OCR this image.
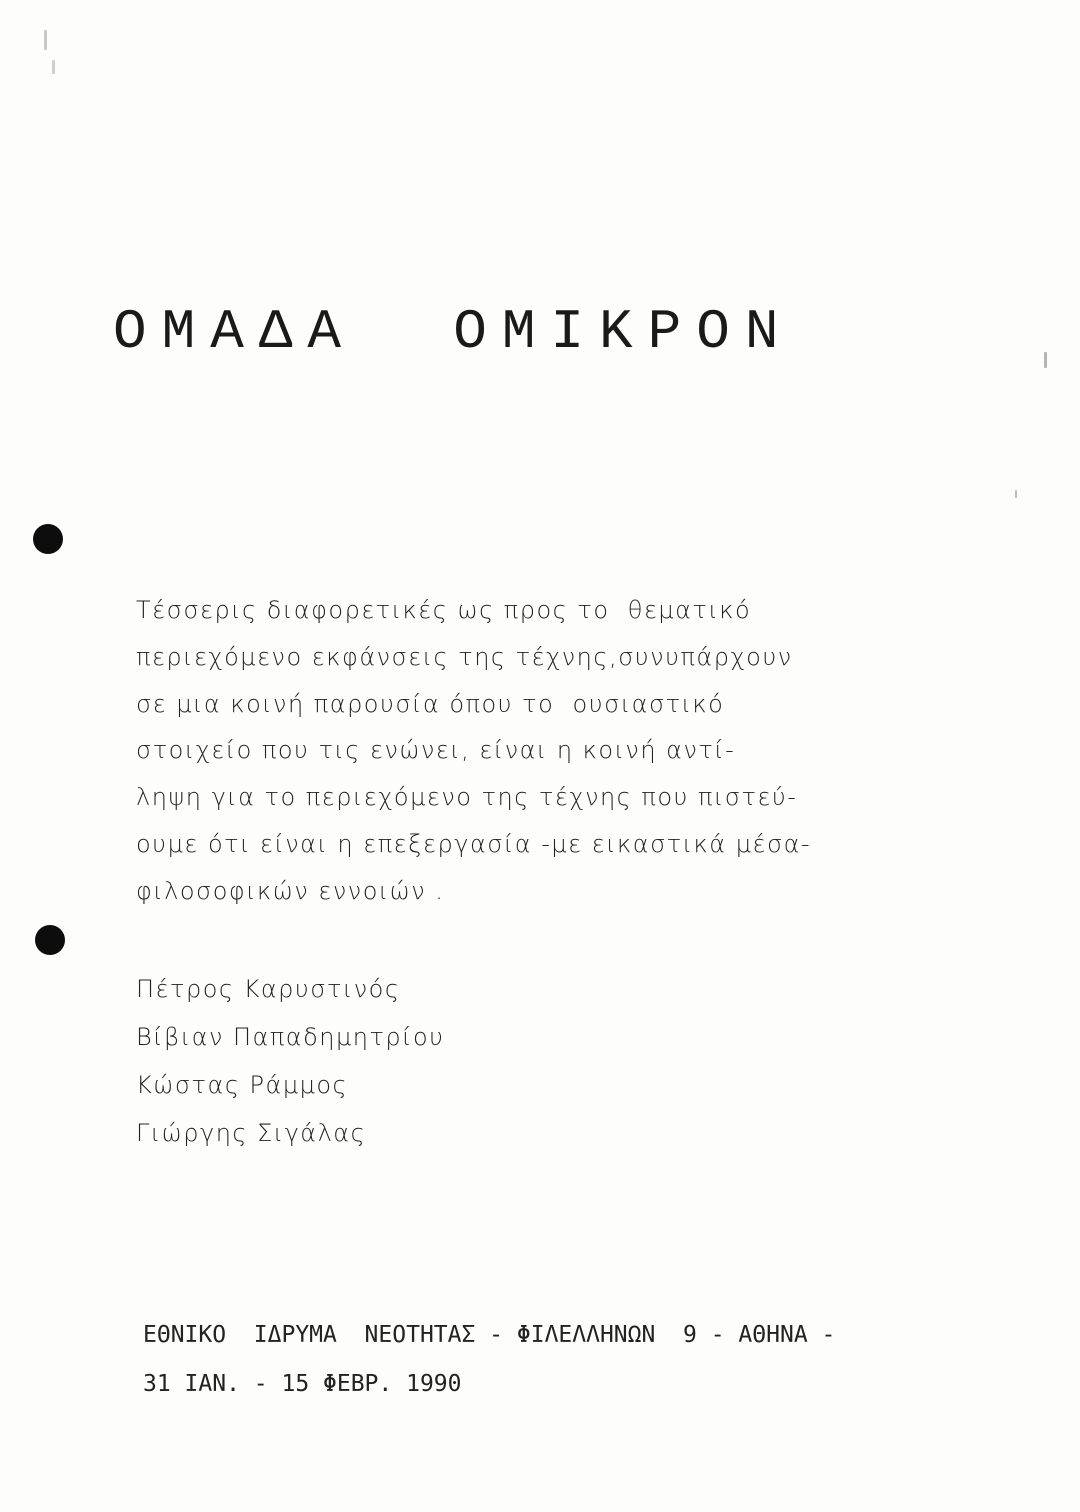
ΟΜΑΔΑ  ΟΜΙΚΡΟΝ
Τέσσερις διαφορετικές ως προς το  θεματικό
περιεχόμενο εκφάνσεις της τέχνης,συνυπάρχουν
σε μια κοινή παρουσία όπου το  ουσιαστικό
στοιχείο που τις ενώνει, είναι η κοινή αντί-
ληψη για το περιεχόμενο της τέχνης που πιστεύ-
ουμε ότι είναι η επεξεργασία -με εικαστικά μέσα-
φιλοσοφικών εννοιών .
Πέτρος Καρυστινός
Βίβιαν Παπαδημητρίου
Κώστας Ράμμος
Γιώργης Σιγάλας
ΕΘΝΙΚΟ  ΙΔΡΥΜΑ  ΝΕΟΤΗΤΑΣ - ΦΙΛΕΛΛΗΝΩΝ  9 - ΑΘΗΝΑ -
31 ΙΑΝ. - 15 ΦΕΒΡ. 1990
